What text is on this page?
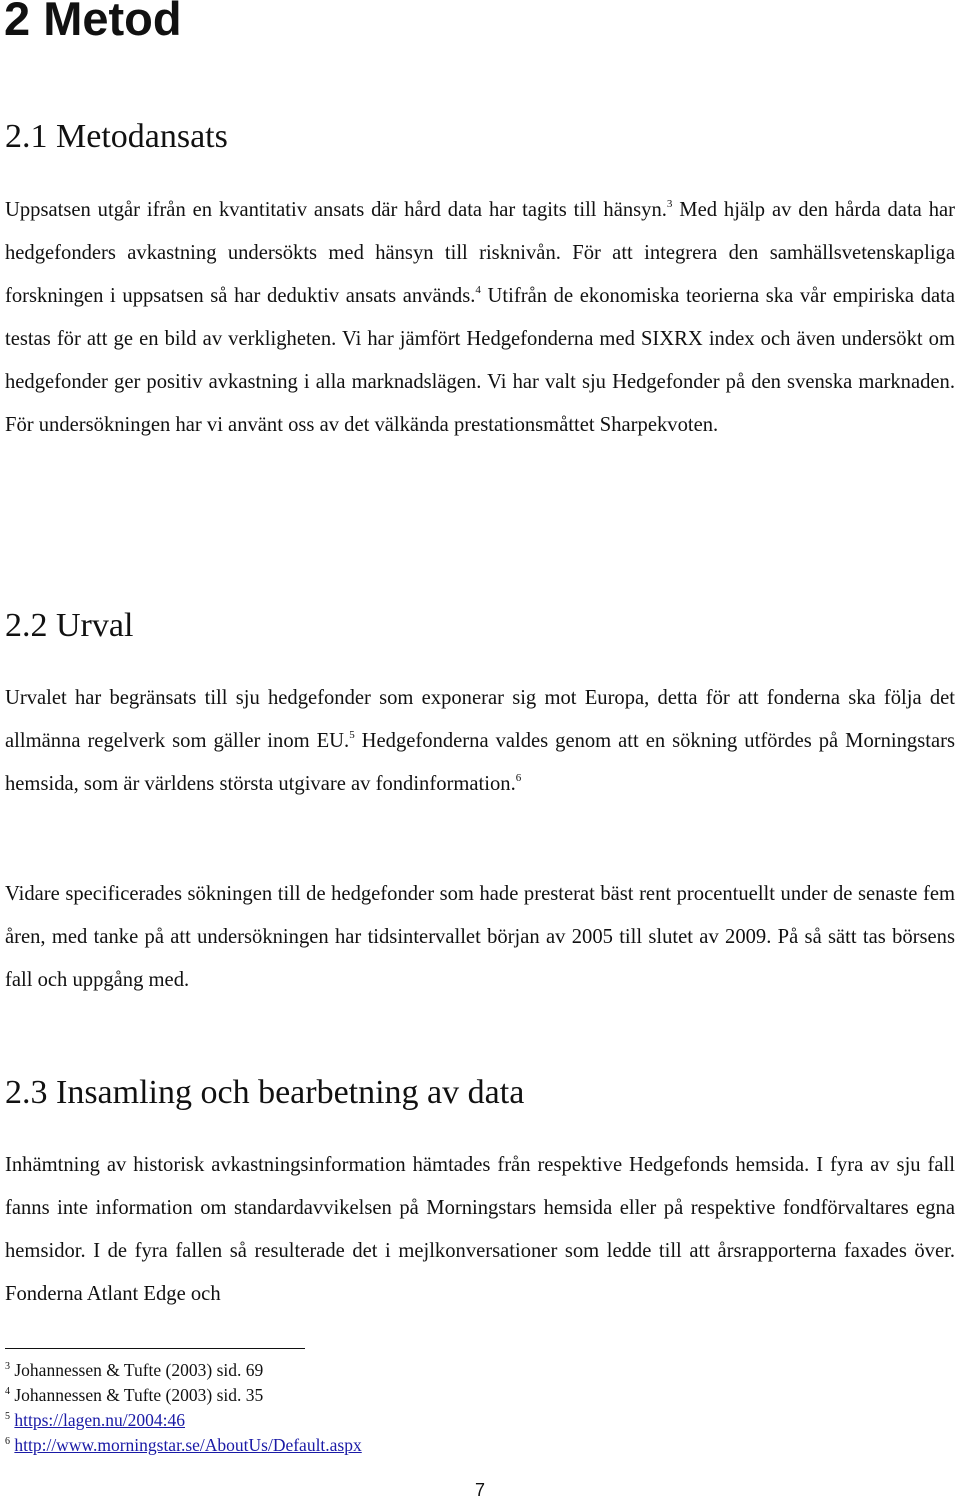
2 Metod
2.1 Metodansats

Uppsatsen utgår ifrån en kvantitativ ansats där hård data har tagits till hänsyn.$^3$ Med hjälp av den hårda data har hedgefonders avkastning undersökts med hänsyn till risknivån. För att integrera den samhällsvetenskapliga forskningen i uppsatsen så har deduktiv ansats används.$^4$ Utifrån de ekonomiska teorierna ska vår empiriska data testas för att ge en bild av verkligheten. Vi har jämfört Hedgefonderna med SIXRX index och även undersökt om hedgefonder ger positiv avkastning i alla marknadslägen. Vi har valt sju Hedgefonder på den svenska marknaden. För undersökningen har vi använt oss av det välkända prestationsmåttet Sharpekvoten.

2.2 Urval

Urvalet har begränsats till sju hedgefonder som exponerar sig mot Europa, detta för att fonderna ska följa det allmänna regelverk som gäller inom EU.$^5$ Hedgefonderna valdes genom att en sökning utfördes på Morningstars hemsida, som är världens största utgivare av fondinformation.$^6$

Vidare specificerades sökningen till de hedgefonder som hade presterat bäst rent procentuellt under de senaste fem åren, med tanke på att undersökningen har tidsintervallet början av 2005 till slutet av 2009. På så sätt tas börsens fall och uppgång med.

2.3 Insamling och bearbetning av data

Inhämtning av historisk avkastningsinformation hämtades från respektive Hedgefonds hemsida. I fyra av sju fall fanns inte information om standardavvikelsen på Morningstars hemsida eller på respektive fondförvaltares egna hemsidor. I de fyra fallen så resulterade det i mejlkonversationer som ledde till att årsrapporterna faxades över. Fonderna Atlant Edge och

$^3$ Johannessen & Tufte (2003) sid. 69
$^4$ Johannessen & Tufte (2003) sid. 35
$^5$ https://lagen.nu/2004:46
$^6$ http://www.morningstar.se/AboutUs/Default.aspx
7
